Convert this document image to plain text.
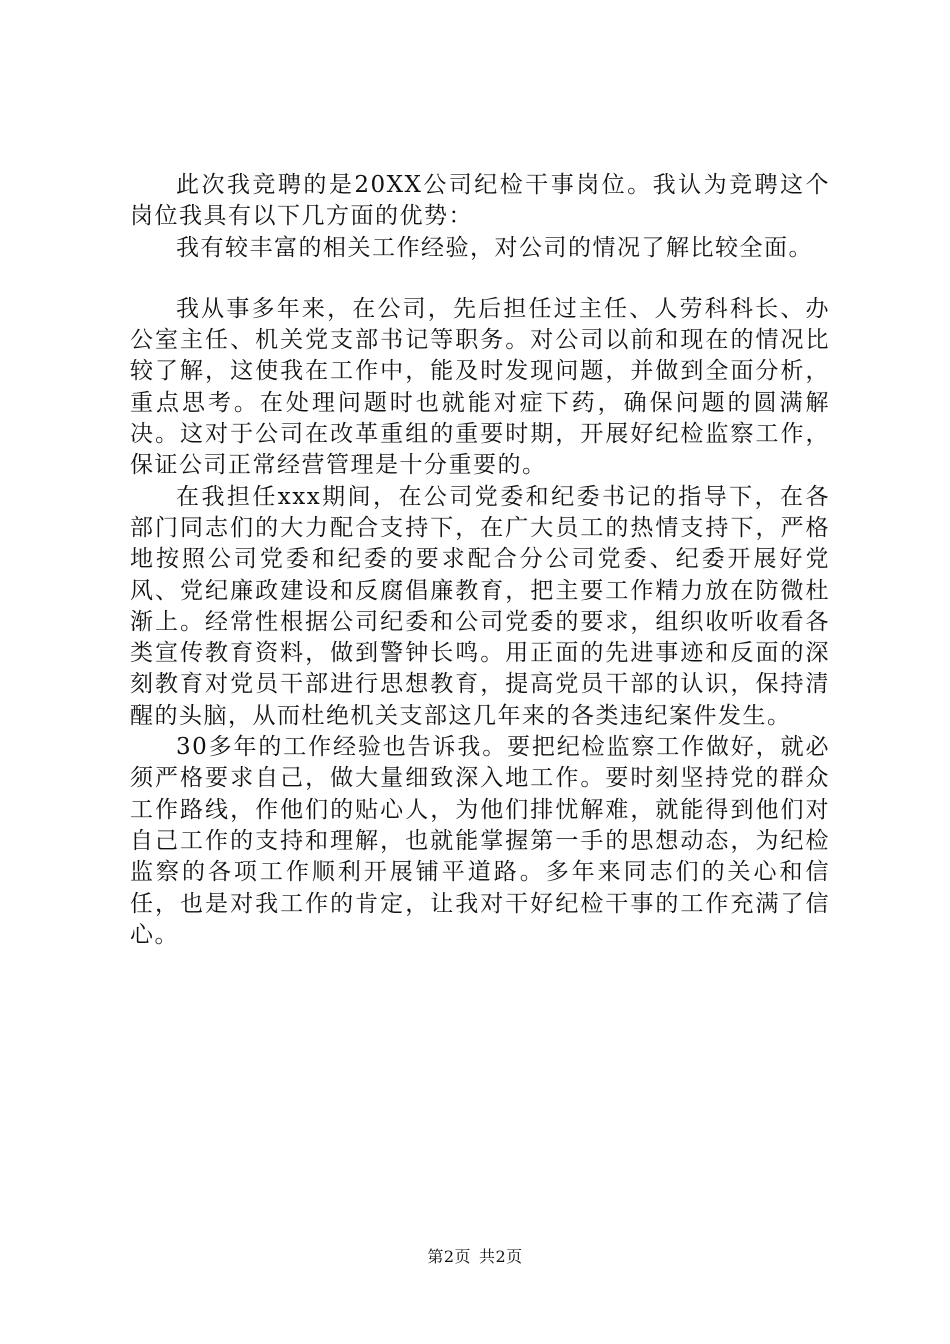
此次我竞聘的是20XX公司纪检干事岗位。我认为竞聘这个岗位我具有以下几方面的优势：

我有较丰富的相关工作经验，对公司的情况了解比较全面。

我从事多年来，在公司，先后担任过主任、人劳科科长、办公室主任、机关党支部书记等职务。对公司以前和现在的情况比较了解，这使我在工作中，能及时发现问题，并做到全面分析，重点思考。在处理问题时也就能对症下药，确保问题的圆满解决。这对于公司在改革重组的重要时期，开展好纪检监察工作，保证公司正常经营管理是十分重要的。

在我担任xxx期间，在公司党委和纪委书记的指导下，在各部门同志们的大力配合支持下，在广大员工的热情支持下，严格地按照公司党委和纪委的要求配合分公司党委、纪委开展好党风、党纪廉政建设和反腐倡廉教育，把主要工作精力放在防微杜渐上。经常性根据公司纪委和公司党委的要求，组织收听收看各类宣传教育资料，做到警钟长鸣。用正面的先进事迹和反面的深刻教育对党员干部进行思想教育，提高党员干部的认识，保持清醒的头脑，从而杜绝机关支部这几年来的各类违纪案件发生。

30多年的工作经验也告诉我。要把纪检监察工作做好，就必须严格要求自己，做大量细致深入地工作。要时刻坚持党的群众工作路线，作他们的贴心人，为他们排忧解难，就能得到他们对自己工作的支持和理解，也就能掌握第一手的思想动态，为纪检监察的各项工作顺利开展铺平道路。多年来同志们的关心和信任，也是对我工作的肯定，让我对干好纪检干事的工作充满了信心。

第2页 共2页
